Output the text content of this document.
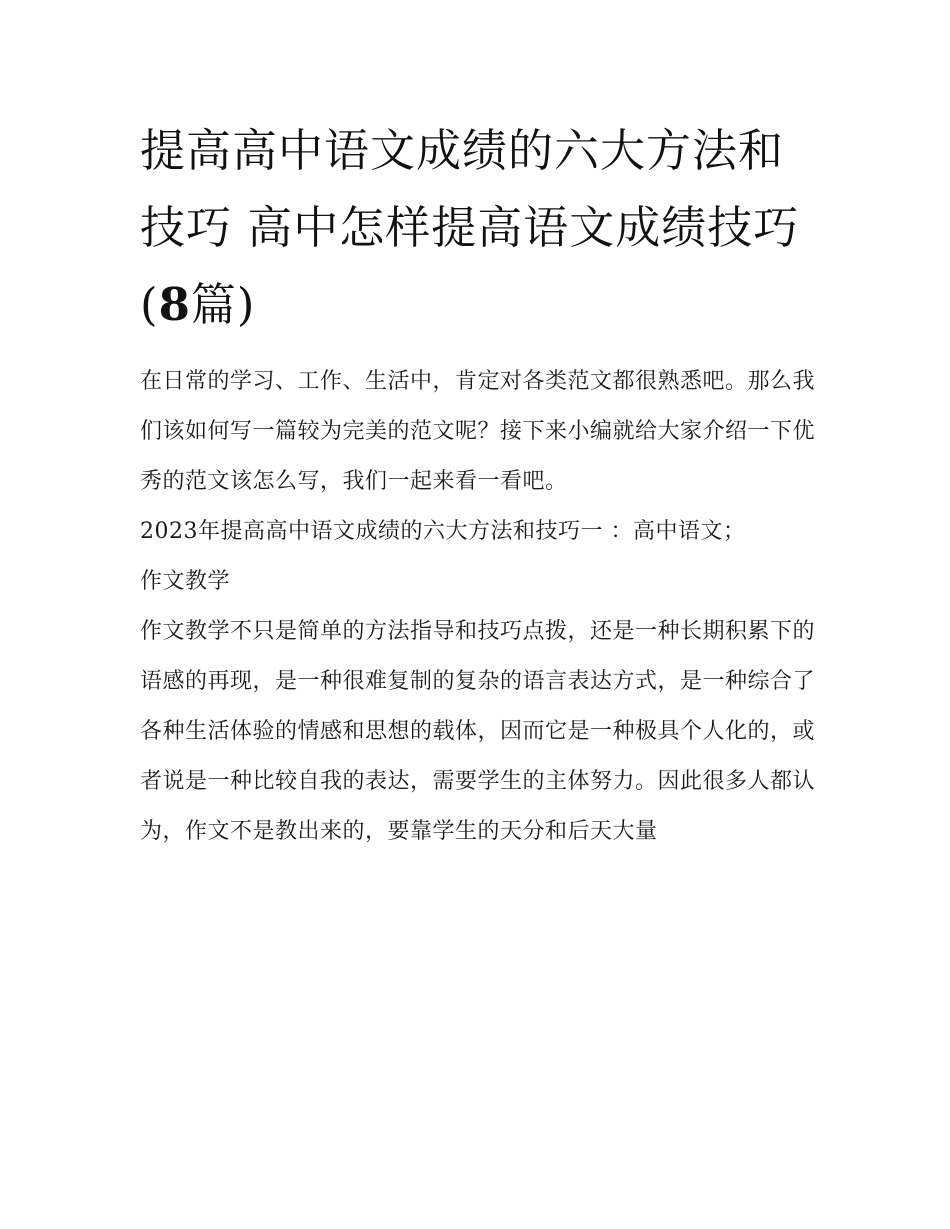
提高高中语文成绩的六大方法和技巧 高中怎样提高语文成绩技巧(8篇)

在日常的学习、工作、生活中，肯定对各类范文都很熟悉吧。那么我们该如何写一篇较为完美的范文呢？接下来小编就给大家介绍一下优秀的范文该怎么写，我们一起来看一看吧。

2023年提高高中语文成绩的六大方法和技巧一 ：高中语文；

作文教学

作文教学不只是简单的方法指导和技巧点拨，还是一种长期积累下的语感的再现，是一种很难复制的复杂的语言表达方式，是一种综合了各种生活体验的情感和思想的载体，因而它是一种极具个人化的，或者说是一种比较自我的表达，需要学生的主体努力。因此很多人都认为，作文不是教出来的，要靠学生的天分和后天大量
